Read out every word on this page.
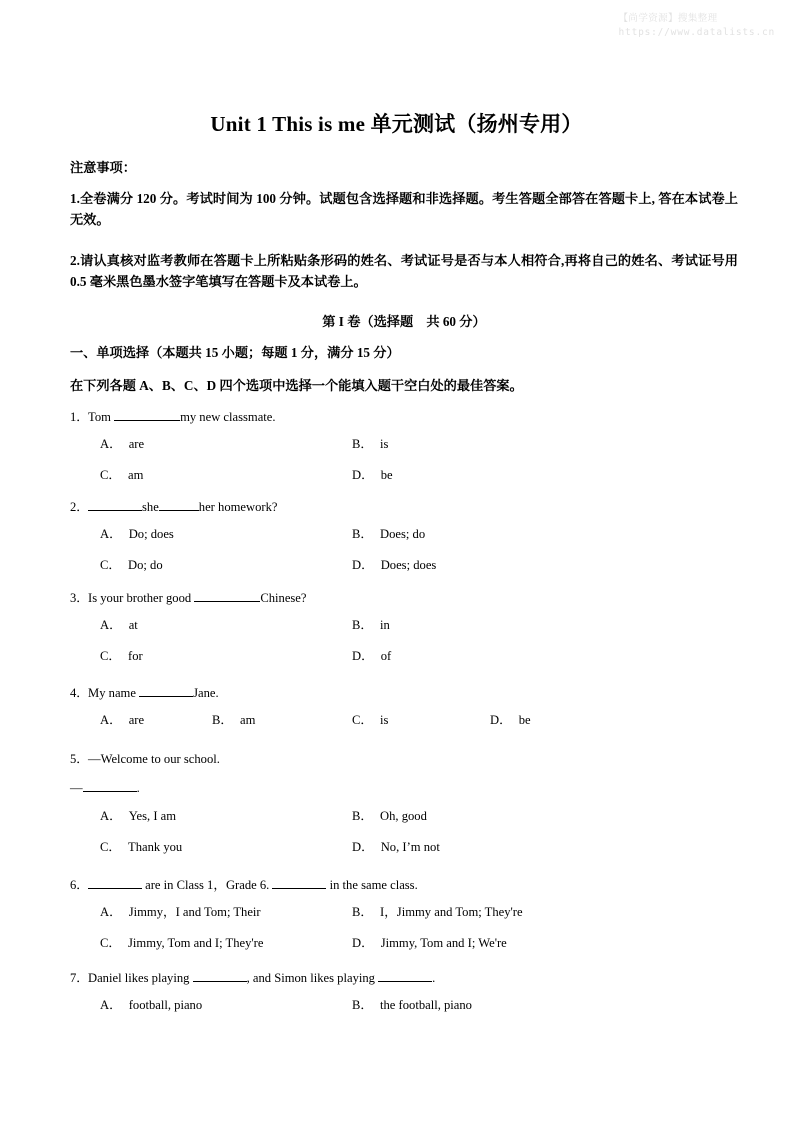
【尚学资源】搜集整理
https://www.datalists.cn
Unit 1 This is me 单元测试（扬州专用）
注意事项：
1.全卷满分 120 分。考试时间为 100 分钟。试题包含选择题和非选择题。考生答题全部答在答题卡上, 答在本试卷上无效。
2.请认真核对监考教师在答题卡上所粘贴条形码的姓名、考试证号是否与本人相符合,再将自己的姓名、考试证号用 0.5 毫米黑色墨水签字笔填写在答题卡及本试卷上。
第 I 卷（选择题　共 60 分）
一、单项选择（本题共 15 小题；每题 1 分，满分 15 分）
在下列各题 A、B、C、D 四个选项中选择一个能填入题干空白处的最佳答案。
1． Tom	my new classmate.
A． are	B． is
C． am	D． be
2．	she	her homework?
A． Do; does	B． Does; do
C． Do; do	D． Does; does
3． Is your brother good	Chinese?
A． at	B． in
C． for	D． of
4． My name	Jane.
A． are	B． am	C． is	D． be
5． —Welcome to our school.
—	.
A． Yes, I am	B． Oh, good
C． Thank you	D． No, I’m not
6．	are in Class 1，Grade 6.	in the same class.
A． Jimmy，I and Tom; Their	B． I，Jimmy and Tom; They're
C． Jimmy, Tom and I; They're	D． Jimmy, Tom and I; We're
7． Daniel likes playing	, and Simon likes playing	.
A． football, piano	B． the football, piano
